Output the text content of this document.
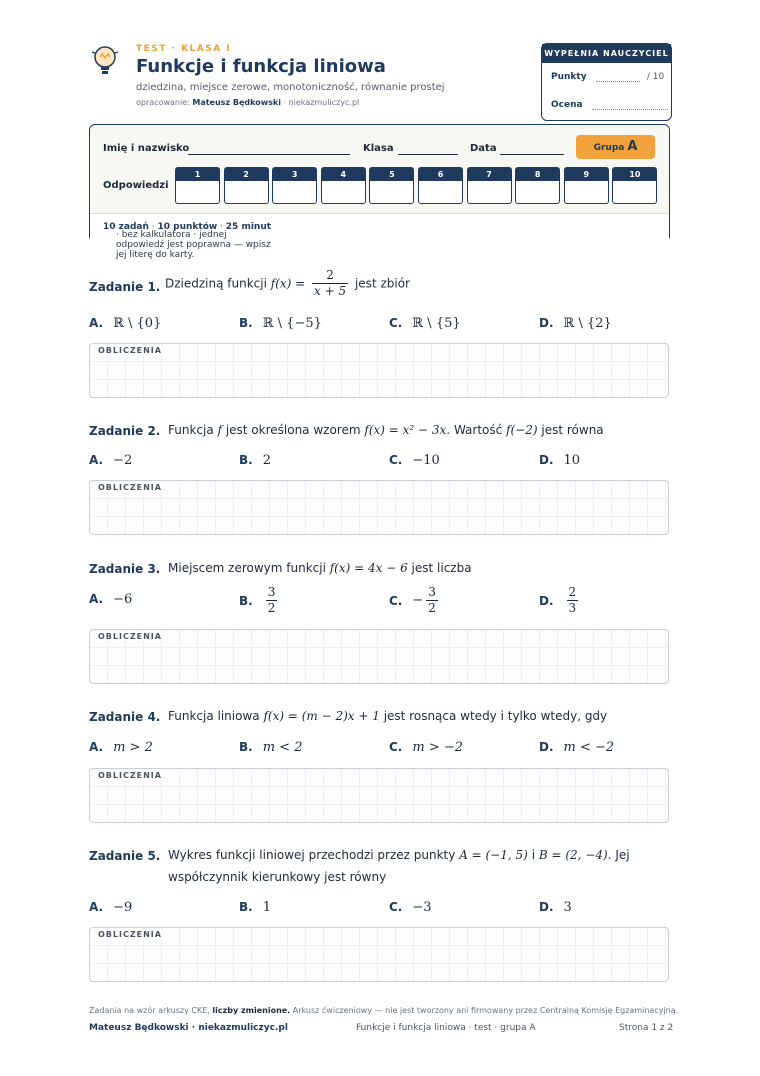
TEST · KLASA I
Funkcje i funkcja liniowa
dziedzina, miejsce zerowe, monotoniczność, równanie prostej
opracowanie: Mateusz Będkowski · niekazmuliczyc.pl
WYPEŁNIA NAUCZYCIEL
Punkty	/ 10
Ocena
Imię i nazwisko	Klasa	Data	Grupa A
Odpowiedzi
1	2	3	4	5	6	7	8	9	10
10 zadań · 10 punktów · 25 minut
· bez kalkulatora · jednej odpowiedź jest poprawna — wpisz jej literę do karty.
Zadanie 1. Dziedziną funkcji $f(x) = \frac{2}{x + 5}$ jest zbiór
A. ℝ \ {0}	B. ℝ \ {−5}	C. ℝ \ {5}	D. ℝ \ {2}
OBLICZENIA
Zadanie 2. Funkcja f jest określona wzorem f(x) = x² − 3x. Wartość f(−2) jest równa
A. −2	B. 2	C. −10	D. 10
OBLICZENIA
Zadanie 3. Miejscem zerowym funkcji f(x) = 4x − 6 jest liczba
A. −6	B. $\frac{3}{2}$	C. − $\frac{3}{2}$	D. $\frac{2}{3}$
OBLICZENIA
Zadanie 4. Funkcja liniowa f(x) = (m − 2)x + 1 jest rosnąca wtedy i tylko wtedy, gdy
A. m > 2	B. m < 2	C. m > −2	D. m < −2
OBLICZENIA
Zadanie 5. Wykres funkcji liniowej przechodzi przez punkty A = (−1, 5) i B = (2, −4). Jej
współczynnik kierunkowy jest równy
A. −9	B. 1	C. −3	D. 3
OBLICZENIA
Zadania na wzór arkuszy CKE, liczby zmienione. Arkusz ćwiczeniowy — nie jest tworzony ani firmowany przez Centralną Komisję Egzaminacyjną.
Mateusz Będkowski · niekazmuliczyc.pl	Funkcje i funkcja liniowa · test · grupa A	Strona 1 z 2
